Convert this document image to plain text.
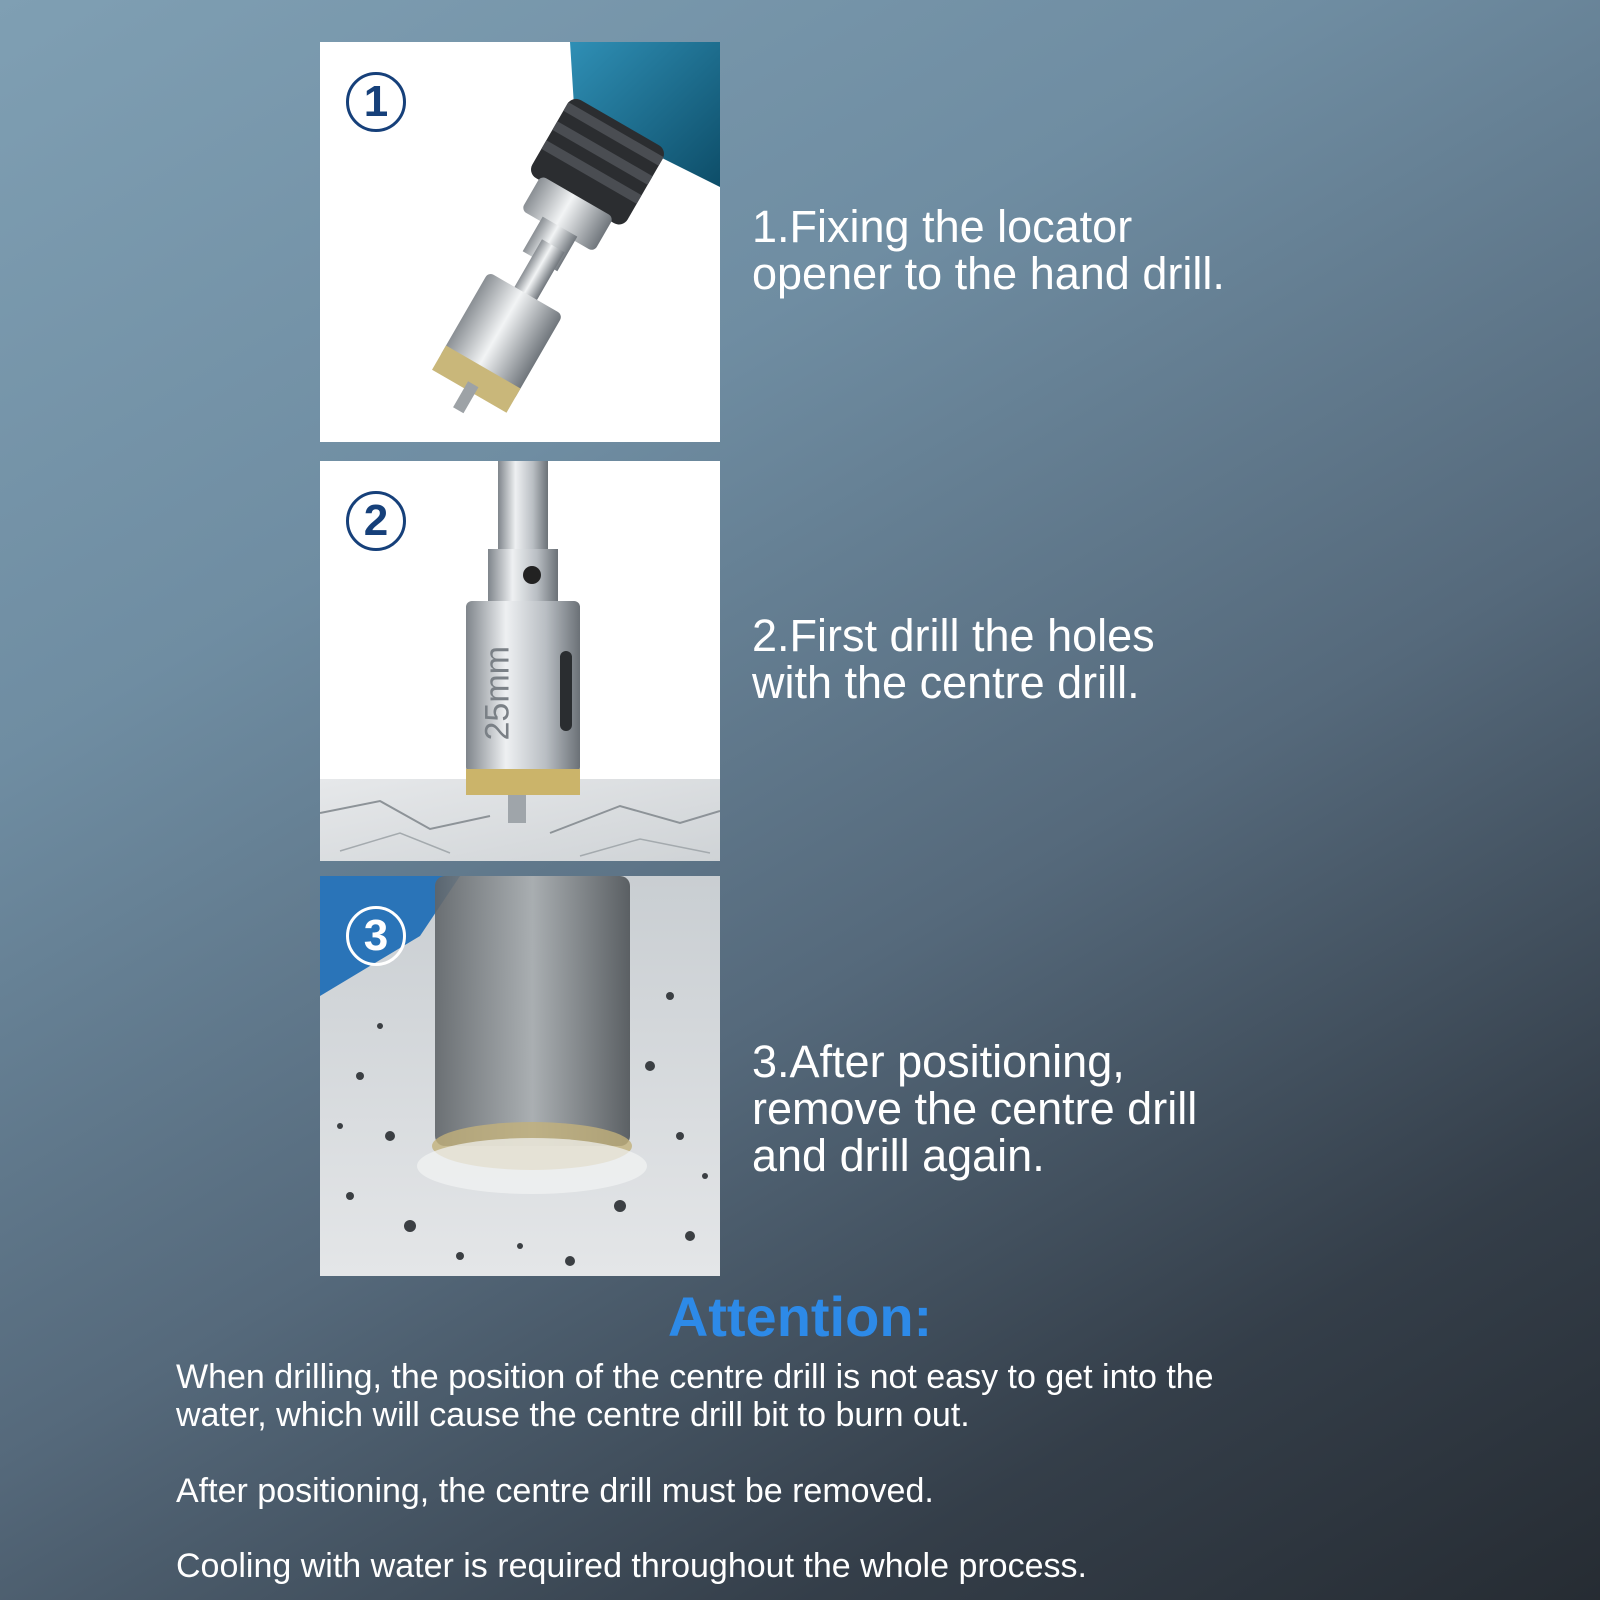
1

1.Fixing the locator
opener to the hand drill.

2
25mm

2.First drill the holes
with the centre drill.

3

3.After positioning,
remove the centre drill
and drill again.

Attention:

When drilling, the position of the centre drill is not easy to get into the
water, which will cause the centre drill bit to burn out.

After positioning, the centre drill must be removed.

Cooling with water is required throughout the whole process.
